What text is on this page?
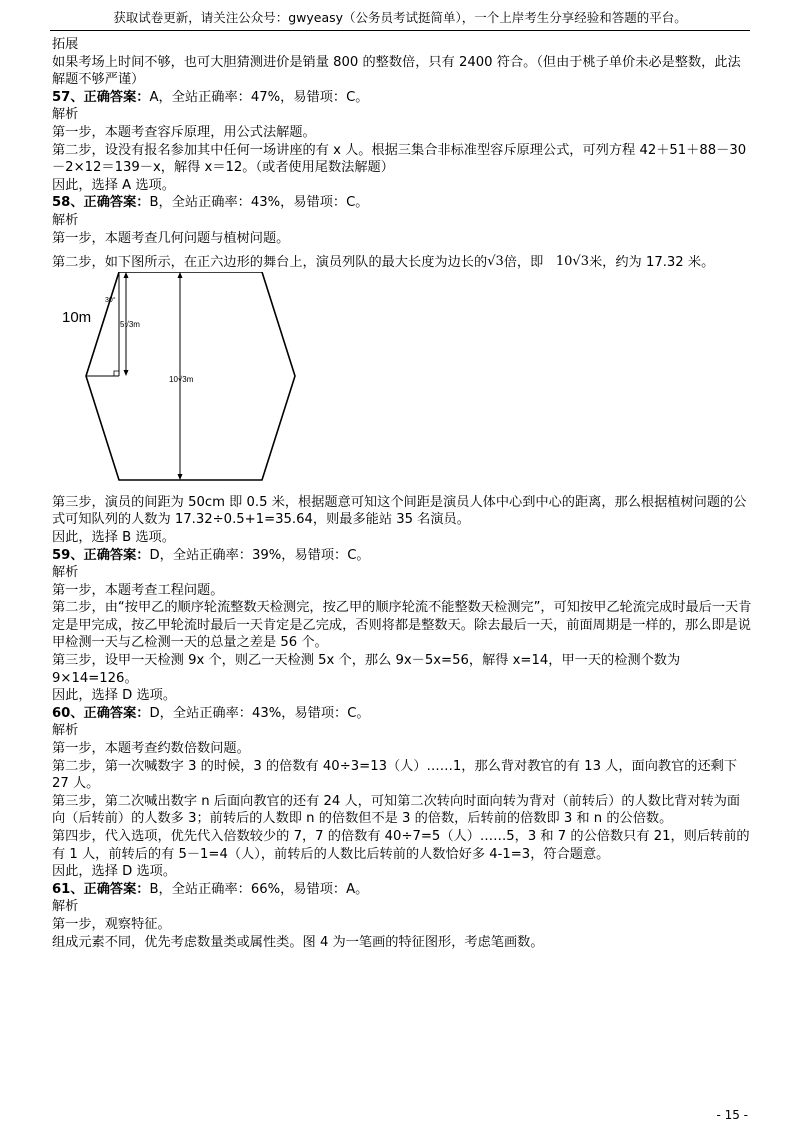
获取试卷更新，请关注公众号：gwyeasy（公务员考试挺简单），一个上岸考生分享经验和答题的平台。

拓展

如果考场上时间不够，也可大胆猜测进价是销量 800 的整数倍，只有 2400 符合。（但由于桃子单价未必是整数，此法解题不够严谨）

57、正确答案：A，全站正确率：47%，易错项：C。

解析

第一步，本题考查容斥原理，用公式法解题。

第二步，设没有报名参加其中任何一场讲座的有 x 人。根据三集合非标准型容斥原理公式，可列方程 42＋51＋88－30－2×12＝139－x，解得 x＝12。（或者使用尾数法解题）

因此，选择 A 选项。

58、正确答案：B，全站正确率：43%，易错项：C。

解析

第一步，本题考查几何问题与植树问题。

第二步，如下图所示，在正六边形的舞台上，演员列队的最大长度为边长的√3倍，即 10√3米，约为 17.32 米。

10m
30°
5√3m
10√3m

第三步，演员的间距为 50cm 即 0.5 米，根据题意可知这个间距是演员人体中心到中心的距离，那么根据植树问题的公式可知队列的人数为 17.32÷0.5+1=35.64，则最多能站 35 名演员。

因此，选择 B 选项。

59、正确答案：D，全站正确率：39%，易错项：C。

解析

第一步，本题考查工程问题。

第二步，由“按甲乙的顺序轮流整数天检测完，按乙甲的顺序轮流不能整数天检测完”，可知按甲乙轮流完成时最后一天肯定是甲完成，按乙甲轮流时最后一天肯定是乙完成，否则将都是整数天。除去最后一天，前面周期是一样的，那么即是说甲检测一天与乙检测一天的总量之差是 56 个。

第三步，设甲一天检测 9x 个，则乙一天检测 5x 个，那么 9x－5x=56，解得 x=14，甲一天的检测个数为 9×14=126。

因此，选择 D 选项。

60、正确答案：D，全站正确率：43%，易错项：C。

解析

第一步，本题考查约数倍数问题。

第二步，第一次喊数字 3 的时候，3 的倍数有 40÷3=13（人）……1，那么背对教官的有 13 人，面向教官的还剩下 27 人。

第三步，第二次喊出数字 n 后面向教官的还有 24 人，可知第二次转向时面向转为背对（前转后）的人数比背对转为面向（后转前）的人数多 3；前转后的人数即 n 的倍数但不是 3 的倍数，后转前的倍数即 3 和 n 的公倍数。

第四步，代入选项，优先代入倍数较少的 7，7 的倍数有 40÷7=5（人）……5，3 和 7 的公倍数只有 21，则后转前的有 1 人，前转后的有 5－1=4（人），前转后的人数比后转前的人数恰好多 4-1=3，符合题意。

因此，选择 D 选项。

61、正确答案：B，全站正确率：66%，易错项：A。

解析

第一步，观察特征。

组成元素不同，优先考虑数量类或属性类。图 4 为一笔画的特征图形，考虑笔画数。

- 15 -
